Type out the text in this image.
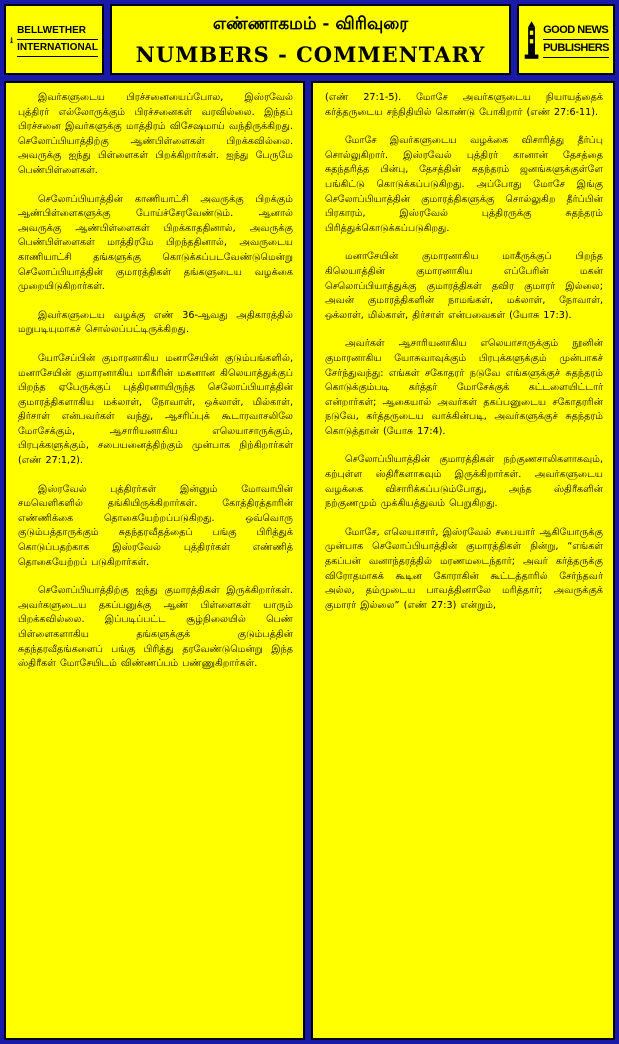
BELLWETHER
INTERNATIONAL
எண்ணாகமம் - விரிவுரை
NUMBERS - COMMENTARY
GOOD NEWS
PUBLISHERS

இவர்களுடைய பிரச்சனையைப்போல, இஸ்ரவேல் புத்திரர் எல்லோருக்கும் பிரச்சனைகள் வரவில்லை. இந்தப் பிரச்சனை இவர்களுக்கு மாத்திரம் விசேஷமாய் வந்திருக்கிறது. செலோப்பியாத்திற்கு ஆண்பிள்ளைகள் பிறக்கவில்லை. அவருக்கு ஐந்து பிள்ளைகள் பிறக்கிறார்கள். ஐந்து பேருமே பெண்பிள்ளைகள்.

செலோப்பியாத்தின் காணியாட்சி அவருக்கு பிறக்கும் ஆண்பிள்ளைகளுக்கு போய்ச்சேரவேண்டும். ஆனால் அவருக்கு ஆண்பிள்ளைகள் பிறக்காததினால், அவருக்கு பெண்பிள்ளைகள் மாத்திரமே பிறந்ததினால், அவருடைய காணியாட்சி தங்களுக்கு கொடுக்கப்படவேண்டுமென்று செலோப்பியாத்தின் குமாரத்திகள் தங்களுடைய வழக்கை முறையிடுகிறார்கள்.

இவர்களுடைய வழக்கு எண் 36-ஆவது அதிகாரத்தில் மறுபடியுமாகச் சொல்லப்பட்டிருக்கிறது.

யோசேப்பின் குமாரனாகிய மனாசேயின் குடும்பங்களில், மனாசேயின் குமாரனாகிய மாகீரின் மகனான கிலெயாத்துக்குப் பிறந்த ஏபேருக்குப் புத்திரனாயிருந்த செலோப்பியாத்தின் குமாரத்திகளாகிய மக்லாள், நோவாள், ஒக்லாள், மில்காள், திர்சாள் என்பவர்கள் வந்து, ஆசரிப்புக் கூடாரவாசலிலே மோசேக்கும், ஆசாரியனாகிய எலெயாசாருக்கும், பிரபுக்களுக்கும், சபையனைத்திற்கும் முன்பாக நிற்கிறார்கள் (எண் 27:1,2).

இஸ்ரவேல் புத்திரர்கள் இன்னும் மோவாபின் சமவெளிகளில் தங்கியிருக்கிறார்கள். கோத்திரத்தாரின் எண்ணிக்கை தொகையேற்றப்படுகிறது. ஒவ்வொரு குடும்பத்தாருக்கும் சுதந்தரவீதத்தைப் பங்கு பிரித்துக் கொடுப்பதற்காக இஸ்ரவேல் புத்திரர்கள் எண்ணித் தொகையேற்றப் படுகிறார்கள்.

செலோப்பியாத்திற்கு ஐந்து குமாரத்திகள் இருக்கிறார்கள். அவர்களுடைய தகப்பனுக்கு ஆண் பிள்ளைகள் யாரும் பிறக்கவில்லை. இப்படிப்பட்ட சூழ்நிலையில் பெண் பிள்ளைகளாகிய தங்களுக்குக் குடும்பத்தின் சுதந்தரவீதங்களைப் பங்கு பிரித்து தரவேண்டுமென்று இந்த ஸ்திரீகள் மோசேயிடம் விண்ணப்பம் பண்ணுகிறார்கள்.

(எண் 27:1-5). மோசே அவர்களுடைய நியாயத்தைக் கர்த்தருடைய சந்நிதியில் கொண்டு போகிறார் (எண் 27:6-11).

மோசே இவர்களுடைய வழக்கை விசாரித்து தீர்ப்பு சொல்லுகிறார். இஸ்ரவேல் புத்திரர் கானான் தேசத்தை சுதந்தரித்த பின்பு, தேசத்தின் சுதந்தரம் ஜனங்களுக்குள்ளே பங்கிட்டு கொடுக்கப்படுகிறது. அப்போது மோசே இங்கு செலோப்பியாத்தின் குமாரத்திகளுக்கு சொல்லுகிற தீர்ப்பின் பிரகாரம், இஸ்ரவேல் புத்திரருக்கு சுதந்தரம் பிரித்துக்கொடுக்கப்படுகிறது.

மனாசேயின் குமாரனாகிய மாகீருக்குப் பிறந்த கிலெயாத்தின் குமாரனாகிய எப்பேரின் மகன் செலொப்பியாத்துக்கு குமாரத்திகள் தவிர குமாரர் இல்லை; அவன் குமாரத்திகளின் நாமங்கள், மக்லாள், நோவாள், ஒக்லாள், மில்காள், திர்சாள் என்பவைகள் (யோசு 17:3).

அவர்கள் ஆசாரியனாகிய எலெயாசாருக்கும் நூனின் குமாரனாகிய யோசுவாவுக்கும் பிரபுக்களுக்கும் முன்பாகச் சேர்ந்துவந்து: எங்கள் சகோதரர் நடுவே எங்களுக்குச் சுதந்தரம் கொடுக்கும்படி கர்த்தர் மோசேக்குக் கட்டளையிட்டார் என்றார்கள்; ஆகையால் அவர்கள் தகப்பனுடைய சகோதரரின் நடுவே, கர்த்தருடைய வாக்கின்படி, அவர்களுக்குச் சுதந்தரம் கொடுத்தான் (யோசு 17:4).

செலோப்பியாத்தின் குமாரத்திகள் நற்குணசாலிகளாகவும், கற்புள்ள ஸ்திரீகளாகவும் இருக்கிறார்கள். அவர்களுடைய வழக்கை விசாரிக்கப்படும்போது, அந்த ஸ்திரீகளின் நற்குணமும் முக்கியத்துவம் பெறுகிறது.

மோசே, எலெயாசார், இஸ்ரவேல் சபையார் ஆகியோருக்கு முன்பாக செலோப்பியாத்தின் குமாரத்திகள் நின்று, “எங்கள் தகப்பன் வனாந்தரத்தில் மரணமடைந்தார்; அவர் கர்த்தருக்கு விரோதமாகக் கூடின கோராகின் கூட்டத்தாரில் சேர்ந்தவர் அல்ல, தம்முடைய பாவத்தினாலே மரித்தார்; அவருக்குக் குமாரர் இல்லை” (எண் 27:3) என்றும்,
